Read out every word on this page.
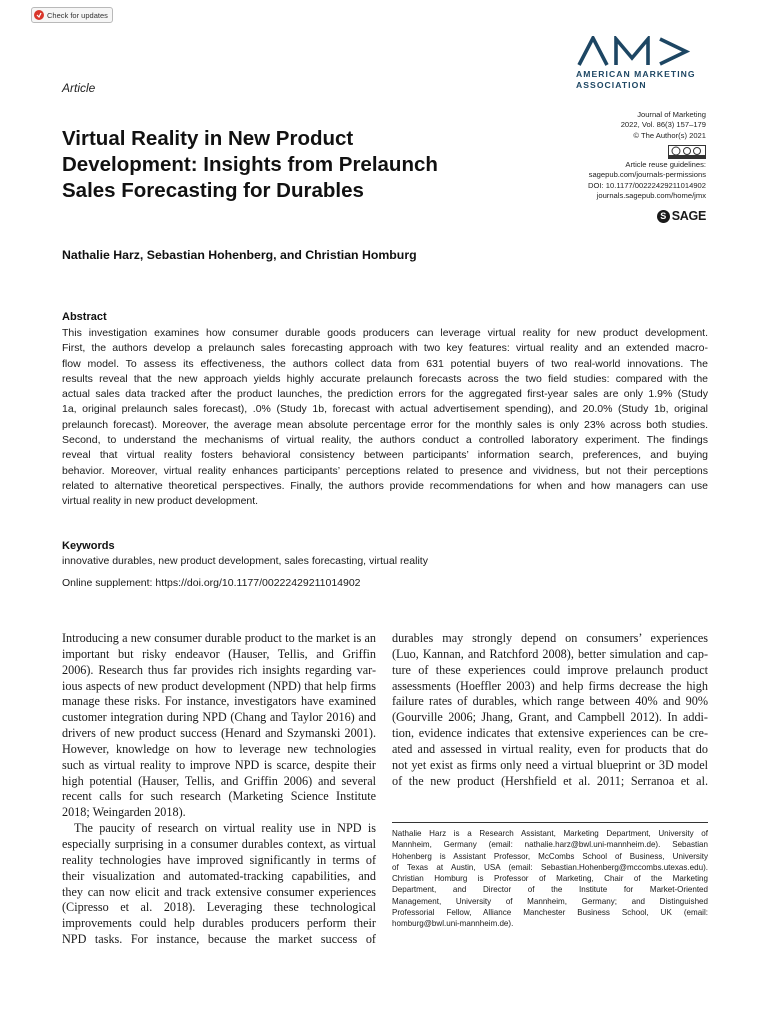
Check for updates
AMERICAN MARKETING
ASSOCIATION
Article
Journal of Marketing
2022, Vol. 86(3) 157–179
© The Author(s) 2021
Article reuse guidelines:
sagepub.com/journals-permissions
DOI: 10.1177/00222429211014902
journals.sagepub.com/home/jmx
S SAGE
Virtual Reality in New Product
Development: Insights from Prelaunch
Sales Forecasting for Durables
Nathalie Harz, Sebastian Hohenberg, and Christian Homburg
Abstract
This investigation examines how consumer durable goods producers can leverage virtual reality for new product development.
First, the authors develop a prelaunch sales forecasting approach with two key features: virtual reality and an extended macro-
flow model. To assess its effectiveness, the authors collect data from 631 potential buyers of two real-world innovations. The
results reveal that the new approach yields highly accurate prelaunch forecasts across the two field studies: compared with the
actual sales data tracked after the product launches, the prediction errors for the aggregated first-year sales are only 1.9% (Study
1a, original prelaunch sales forecast), .0% (Study 1b, forecast with actual advertisement spending), and 20.0% (Study 1b, original
prelaunch forecast). Moreover, the average mean absolute percentage error for the monthly sales is only 23% across both studies.
Second, to understand the mechanisms of virtual reality, the authors conduct a controlled laboratory experiment. The findings
reveal that virtual reality fosters behavioral consistency between participants’ information search, preferences, and buying
behavior. Moreover, virtual reality enhances participants’ perceptions related to presence and vividness, but not their perceptions
related to alternative theoretical perspectives. Finally, the authors provide recommendations for when and how managers can use
virtual reality in new product development.
Keywords
innovative durables, new product development, sales forecasting, virtual reality
Online supplement: https://doi.org/10.1177/00222429211014902
Introducing a new consumer durable product to the market is an
important but risky endeavor (Hauser, Tellis, and Griffin
2006). Research thus far provides rich insights regarding var-
ious aspects of new product development (NPD) that help firms
manage these risks. For instance, investigators have examined
customer integration during NPD (Chang and Taylor 2016) and
drivers of new product success (Henard and Szymanski 2001).
However, knowledge on how to leverage new technologies
such as virtual reality to improve NPD is scarce, despite their
high potential (Hauser, Tellis, and Griffin 2006) and several
recent calls for such research (Marketing Science Institute
2018; Weingarden 2018).
The paucity of research on virtual reality use in NPD is
especially surprising in a consumer durables context, as virtual
reality technologies have improved significantly in terms of
their visualization and automated-tracking capabilities, and
they can now elicit and track extensive consumer experiences
(Cipresso et al. 2018). Leveraging these technological
improvements could help durables producers perform their
NPD tasks. For instance, because the market success of
durables may strongly depend on consumers’ experiences
(Luo, Kannan, and Ratchford 2008), better simulation and cap-
ture of these experiences could improve prelaunch product
assessments (Hoeffler 2003) and help firms decrease the high
failure rates of durables, which range between 40% and 90%
(Gourville 2006; Jhang, Grant, and Campbell 2012). In addi-
tion, evidence indicates that extensive experiences can be cre-
ated and assessed in virtual reality, even for products that do
not yet exist as firms only need a virtual blueprint or 3D model
of the new product (Hershfield et al. 2011; Serranoa et al.
Nathalie Harz is a Research Assistant, Marketing Department, University of
Mannheim, Germany (email: nathalie.harz@bwl.uni-mannheim.de). Sebastian
Hohenberg is Assistant Professor, McCombs School of Business, University
of Texas at Austin, USA (email: Sebastian.Hohenberg@mccombs.utexas.edu).
Christian Homburg is Professor of Marketing, Chair of the Marketing
Department, and Director of the Institute for Market-Oriented
Management, University of Mannheim, Germany; and Distinguished
Professorial Fellow, Alliance Manchester Business School, UK (email:
homburg@bwl.uni-mannheim.de).
